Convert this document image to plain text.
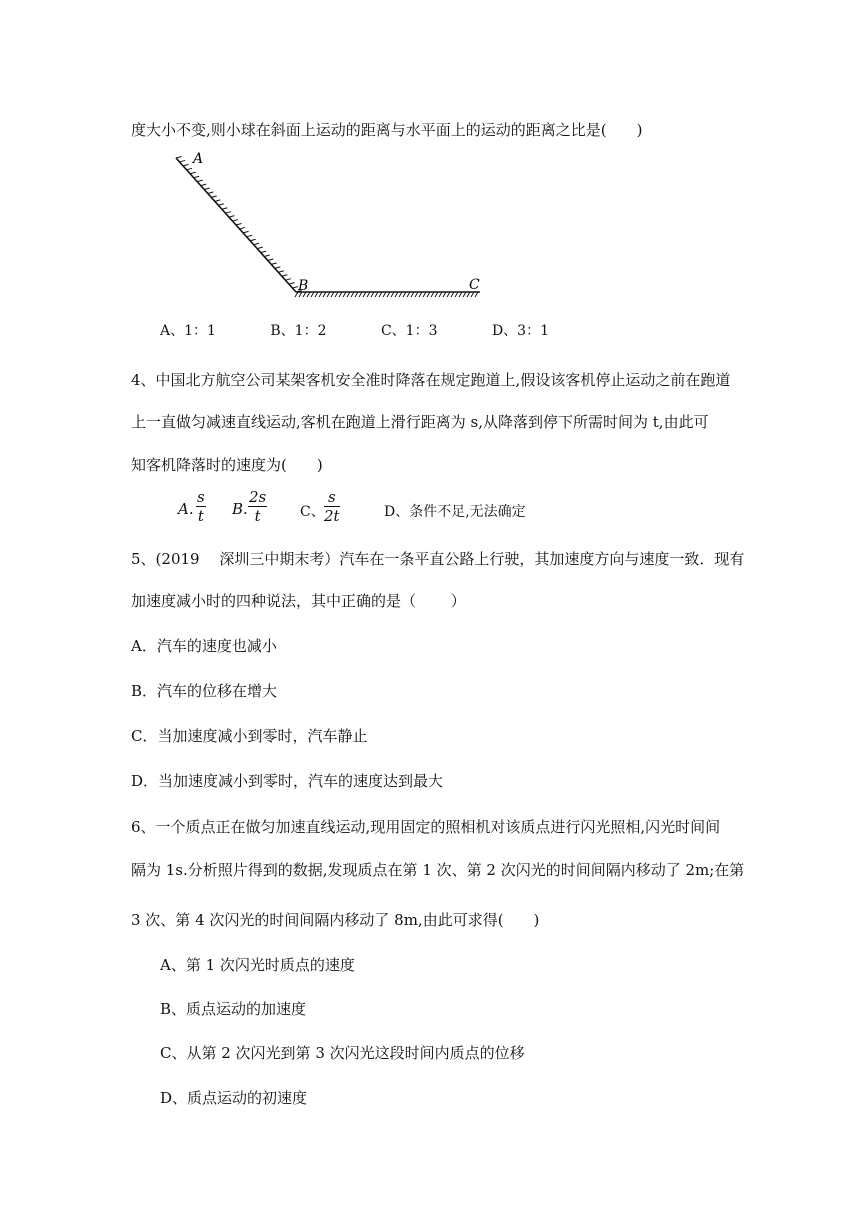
度大小不变,则小球在斜面上运动的距离与水平面上的运动的距离之比是(　　)
A
B	C
A、1：1	B、1：2	C、1：3	D、3：1
4、中国北方航空公司某架客机安全准时降落在规定跑道上,假设该客机停止运动之前在跑道
上一直做匀减速直线运动,客机在跑道上滑行距离为 s,从降落到停下所需时间为 t,由此可
知客机降落时的速度为(　　)
A. $\frac{s}{t} B$. $\frac{2s}{t}$ C、 $\frac{s}{2t}$	D、条件不足,无法确定
5、(2019　 深圳三中期末考）汽车在一条平直公路上行驶，其加速度方向与速度一致．现有
加速度减小时的四种说法，其中正确的是（　　 ）
A．汽车的速度也减小
B．汽车的位移在增大
C．当加速度减小到零时，汽车静止
D．当加速度减小到零时，汽车的速度达到最大
6、一个质点正在做匀加速直线运动,现用固定的照相机对该质点进行闪光照相,闪光时间间
隔为 1s.分析照片得到的数据,发现质点在第 1 次、第 2 次闪光的时间间隔内移动了 2m;在第
3 次、第 4 次闪光的时间间隔内移动了 8m,由此可求得(　　)
A、第 1 次闪光时质点的速度
B、质点运动的加速度
C、从第 2 次闪光到第 3 次闪光这段时间内质点的位移
D、质点运动的初速度
